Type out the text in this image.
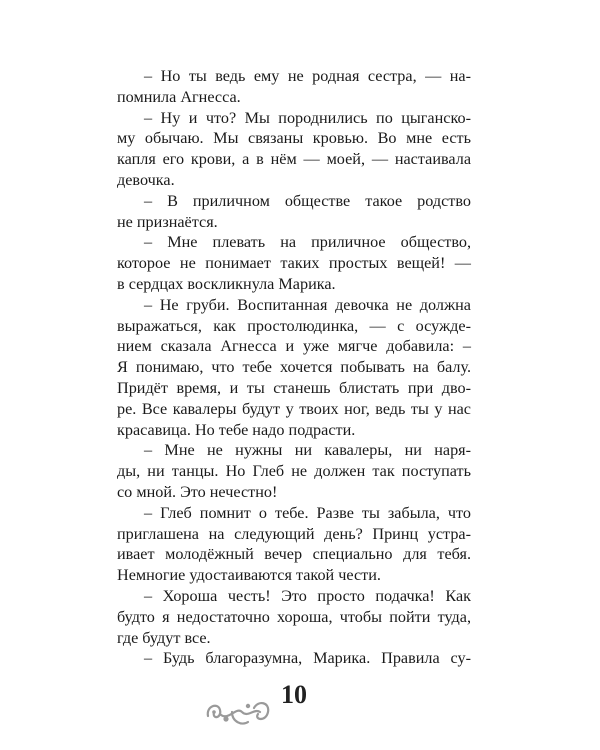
– Но ты ведь ему не родная сестра, — на-
помнила Агнесса.
– Ну и что? Мы породнились по цыганско-
му обычаю. Мы связаны кровью. Во мне есть
капля его крови, а в нём — моей, — настаивала
девочка.
– В приличном обществе такое родство
не признаётся.
– Мне плевать на приличное общество,
которое не понимает таких простых вещей! —
в сердцах воскликнула Марика.
– Не груби. Воспитанная девочка не должна
выражаться, как простолюдинка, — с осужде-
нием сказала Агнесса и уже мягче добавила: –
Я понимаю, что тебе хочется побывать на балу.
Придёт время, и ты станешь блистать при дво-
ре. Все кавалеры будут у твоих ног, ведь ты у нас
красавица. Но тебе надо подрасти.
– Мне не нужны ни кавалеры, ни наря-
ды, ни танцы. Но Глеб не должен так поступать
со мной. Это нечестно!
– Глеб помнит о тебе. Разве ты забыла, что
приглашена на следующий день? Принц устра-
ивает молодёжный вечер специально для тебя.
Немногие удостаиваются такой чести.
– Хороша честь! Это просто подачка! Как
будто я недостаточно хороша, чтобы пойти туда,
где будут все.
– Будь благоразумна, Марика. Правила су-
10
